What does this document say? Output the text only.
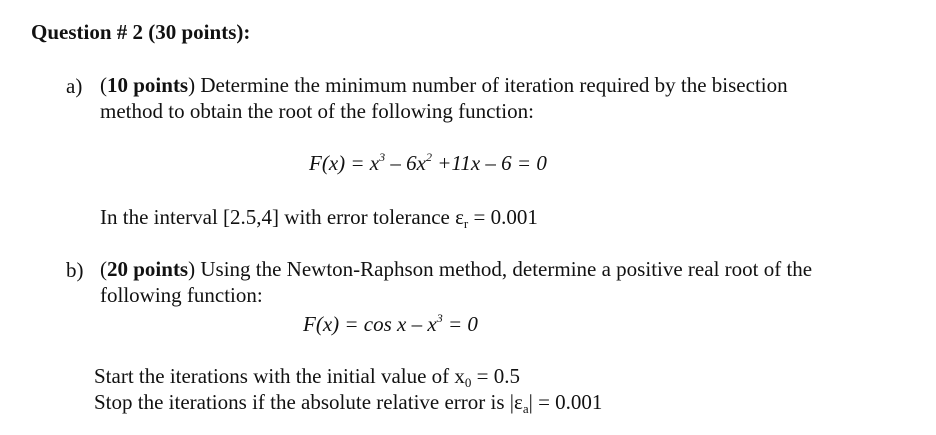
Question # 2 (30 points):
a) (10 points) Determine the minimum number of iteration required by the bisection
method to obtain the root of the following function:
$F(x) = x^3 - 6x^2 +11x - 6 = 0$
In the interval [2.5,4] with error tolerance $\varepsilon_r = 0.001$
b) (20 points) Using the Newton-Raphson method, determine a positive real root of the
following function:
$F(x) = \cos x - x^3 = 0$
Start the iterations with the initial value of $x_0 = 0.5$
Stop the iterations if the absolute relative error is $|\varepsilon_a| = 0.001$
